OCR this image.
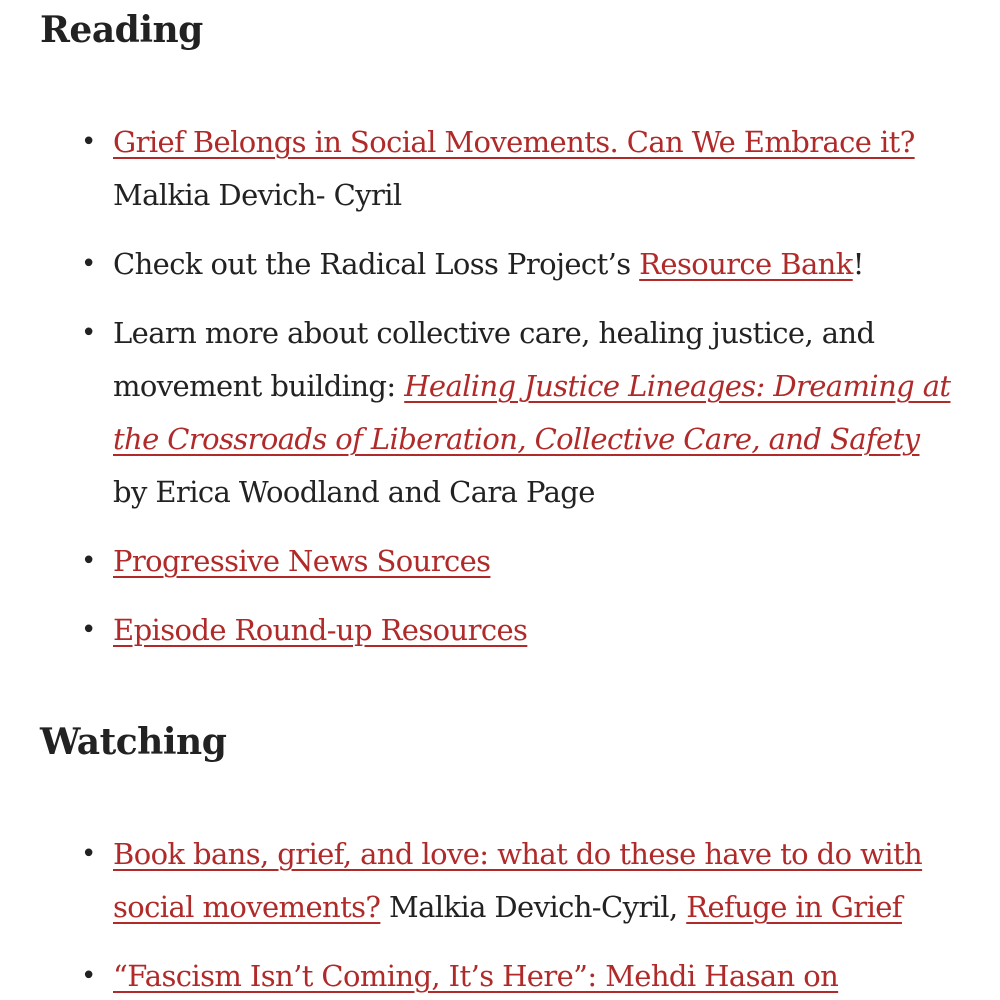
Reading
• Grief Belongs in Social Movements. Can We Embrace it?
Malkia Devich- Cyril
• Check out the Radical Loss Project’s Resource Bank!
• Learn more about collective care, healing justice, and movement building: Healing Justice Lineages: Dreaming at the Crossroads of Liberation, Collective Care, and Safety by Erica Woodland and Cara Page
• Progressive News Sources
• Episode Round-up Resources
Watching
• Book bans, grief, and love: what do these have to do with social movements? Malkia Devich-Cyril, Refuge in Grief
• “Fascism Isn’t Coming, It’s Here”: Mehdi Hasan on
